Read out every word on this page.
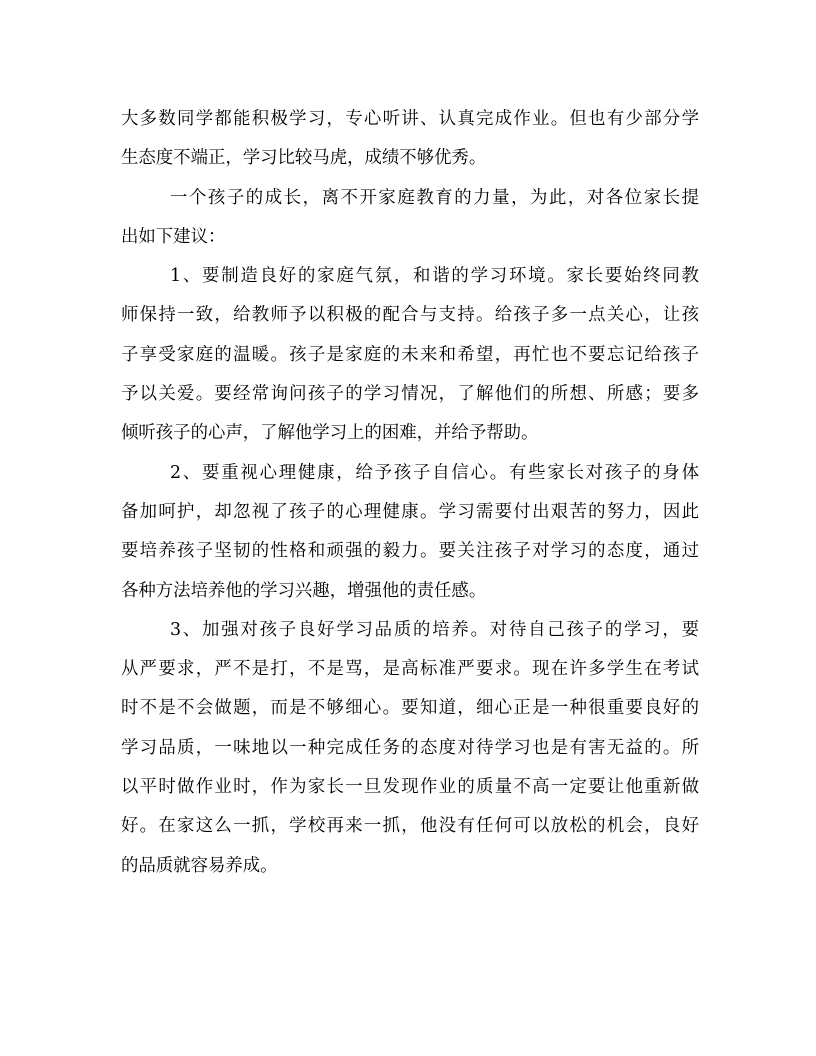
大多数同学都能积极学习，专心听讲、认真完成作业。但也有少部分学
生态度不端正，学习比较马虎，成绩不够优秀。
一个孩子的成长，离不开家庭教育的力量，为此，对各位家长提
出如下建议：
1、要制造良好的家庭气氛，和谐的学习环境。家长要始终同教
师保持一致，给教师予以积极的配合与支持。给孩子多一点关心，让孩
子享受家庭的温暖。孩子是家庭的未来和希望，再忙也不要忘记给孩子
予以关爱。要经常询问孩子的学习情况，了解他们的所想、所感；要多
倾听孩子的心声，了解他学习上的困难，并给予帮助。
2、要重视心理健康，给予孩子自信心。有些家长对孩子的身体
备加呵护，却忽视了孩子的心理健康。学习需要付出艰苦的努力，因此
要培养孩子坚韧的性格和顽强的毅力。要关注孩子对学习的态度，通过
各种方法培养他的学习兴趣，增强他的责任感。
3、加强对孩子良好学习品质的培养。对待自己孩子的学习，要
从严要求，严不是打，不是骂，是高标准严要求。现在许多学生在考试
时不是不会做题，而是不够细心。要知道，细心正是一种很重要良好的
学习品质，一味地以一种完成任务的态度对待学习也是有害无益的。所
以平时做作业时，作为家长一旦发现作业的质量不高一定要让他重新做
好。在家这么一抓，学校再来一抓，他没有任何可以放松的机会，良好
的品质就容易养成。
